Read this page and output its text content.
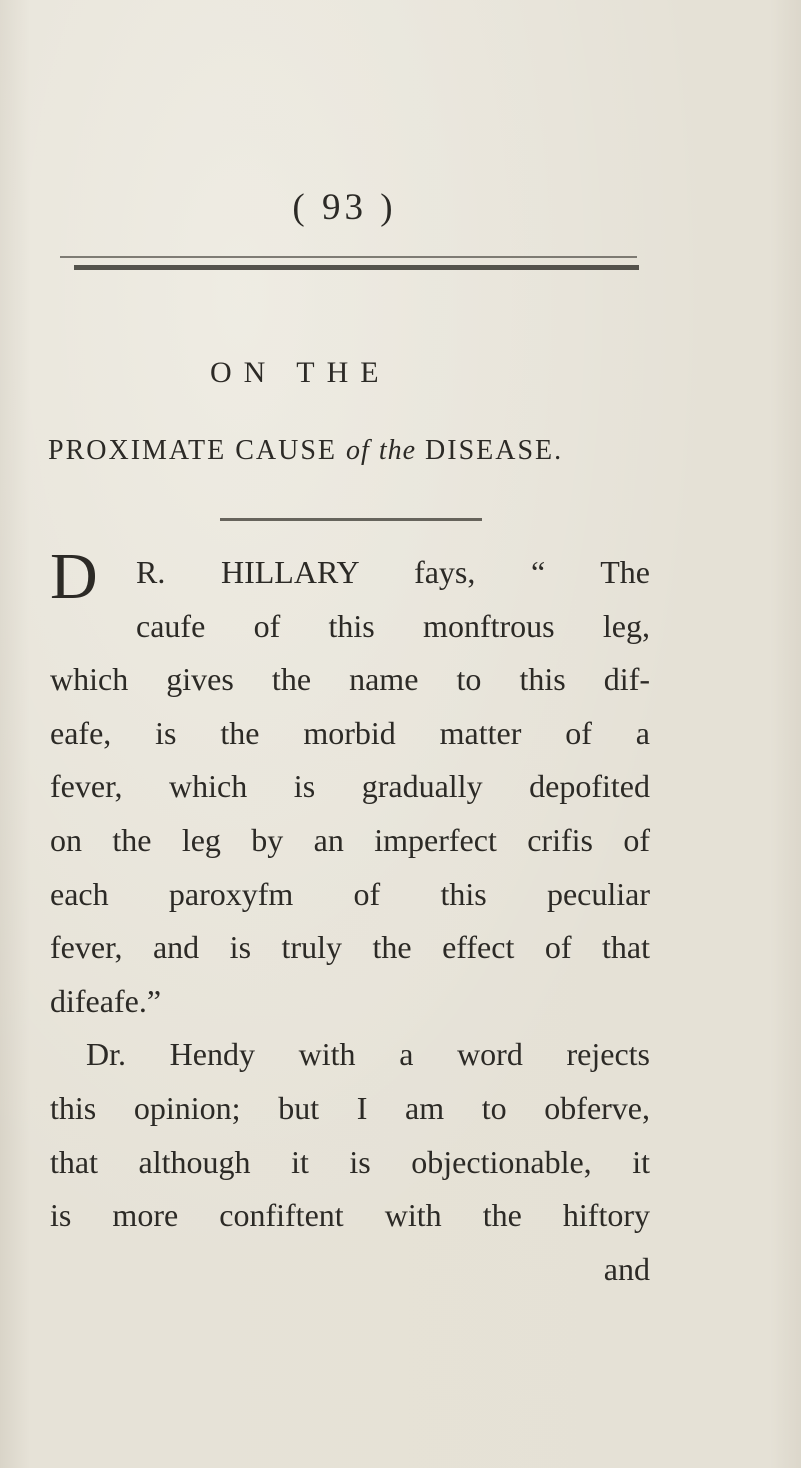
( 93 )
ON THE
PROXIMATE CAUSE of the DISEASE.
D R. HILLARY fays, “ The
caufe of this monftrous leg,
which gives the name to this dif-
eafe, is the morbid matter of a
fever, which is gradually depofited
on the leg by an imperfect crifis of
each paroxyfm of this peculiar
fever, and is truly the effect of that
difeafe.”
Dr. Hendy with a word rejects
this opinion; but I am to obferve,
that although it is objectionable, it
is more confiftent with the hiftory
and
